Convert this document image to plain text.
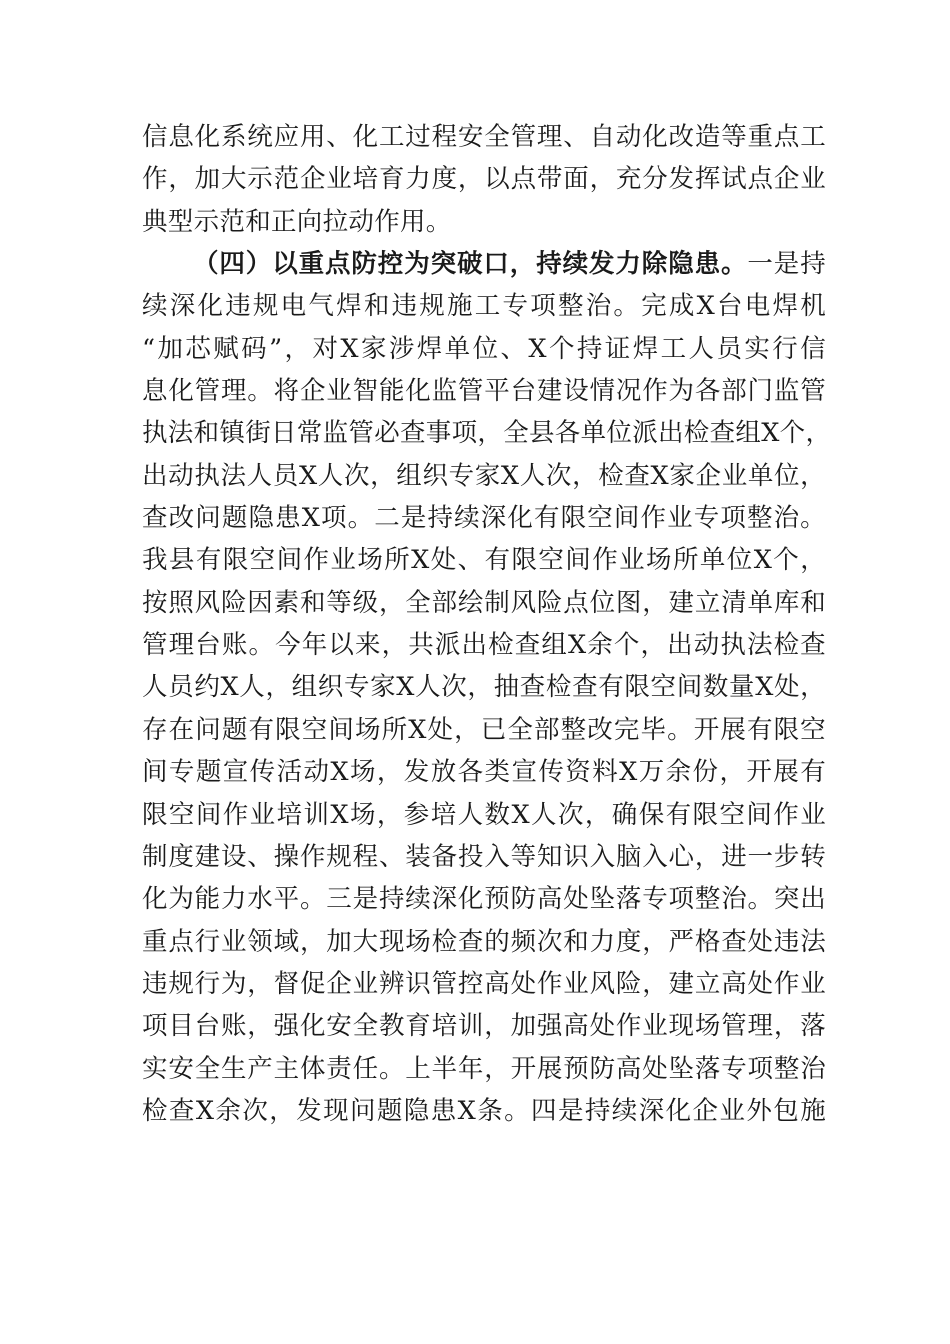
信息化系统应用、化工过程安全管理、自动化改造等重点工
作，加大示范企业培育力度，以点带面，充分发挥试点企业
典型示范和正向拉动作用。
（四）以重点防控为突破口，持续发力除隐患。一是持
续深化违规电气焊和违规施工专项整治。完成X台电焊机
“加芯赋码”，对X家涉焊单位、X个持证焊工人员实行信
息化管理。将企业智能化监管平台建设情况作为各部门监管
执法和镇街日常监管必查事项，全县各单位派出检查组X个，
出动执法人员X人次，组织专家X人次，检查X家企业单位，
查改问题隐患X项。二是持续深化有限空间作业专项整治。
我县有限空间作业场所X处、有限空间作业场所单位X个，
按照风险因素和等级，全部绘制风险点位图，建立清单库和
管理台账。今年以来，共派出检查组X余个，出动执法检查
人员约X人，组织专家X人次，抽查检查有限空间数量X处，
存在问题有限空间场所X处，已全部整改完毕。开展有限空
间专题宣传活动X场，发放各类宣传资料X万余份，开展有
限空间作业培训X场，参培人数X人次，确保有限空间作业
制度建设、操作规程、装备投入等知识入脑入心，进一步转
化为能力水平。三是持续深化预防高处坠落专项整治。突出
重点行业领域，加大现场检查的频次和力度，严格查处违法
违规行为，督促企业辨识管控高处作业风险，建立高处作业
项目台账，强化安全教育培训，加强高处作业现场管理，落
实安全生产主体责任。上半年，开展预防高处坠落专项整治
检查X余次，发现问题隐患X条。四是持续深化企业外包施
